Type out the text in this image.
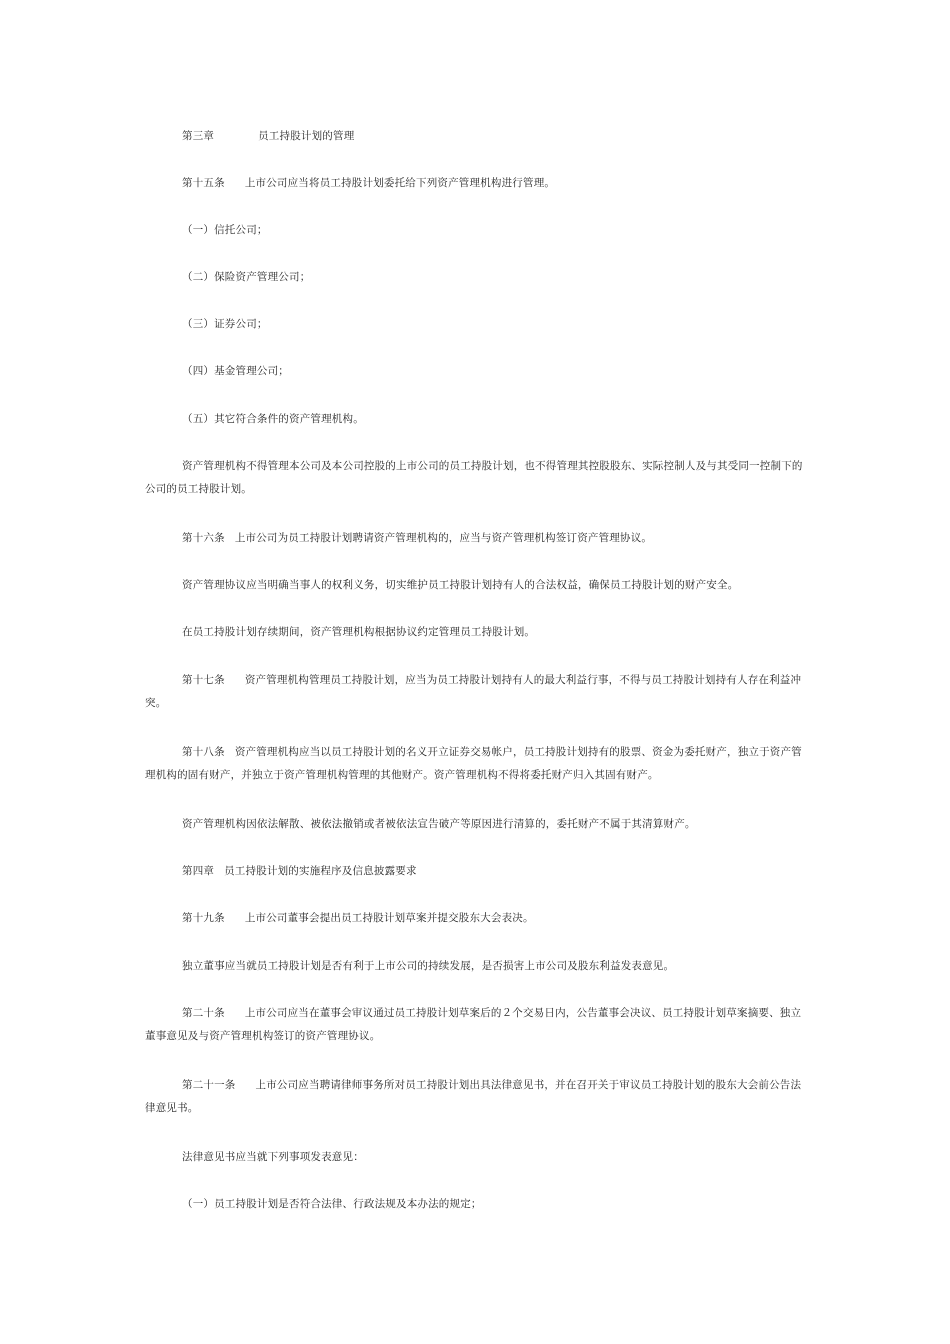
第三章	员工持股计划的管理

第十五条 上市公司应当将员工持股计划委托给下列资产管理机构进行管理。

（一）信托公司；

（二）保险资产管理公司；

（三）证券公司；

（四）基金管理公司；

（五）其它符合条件的资产管理机构。

资产管理机构不得管理本公司及本公司控股的上市公司的员工持股计划，也不得管理其控股股东、实际控制人及与其受同一控制下的公司的员工持股计划。

第十六条 上市公司为员工持股计划聘请资产管理机构的，应当与资产管理机构签订资产管理协议。

资产管理协议应当明确当事人的权利义务，切实维护员工持股计划持有人的合法权益，确保员工持股计划的财产安全。

在员工持股计划存续期间，资产管理机构根据协议约定管理员工持股计划。

第十七条 资产管理机构管理员工持股计划，应当为员工持股计划持有人的最大利益行事，不得与员工持股计划持有人存在利益冲突。

第十八条 资产管理机构应当以员工持股计划的名义开立证券交易帐户，员工持股计划持有的股票、资金为委托财产，独立于资产管理机构的固有财产，并独立于资产管理机构管理的其他财产。资产管理机构不得将委托财产归入其固有财产。

资产管理机构因依法解散、被依法撤销或者被依法宣告破产等原因进行清算的，委托财产不属于其清算财产。

第四章 员工持股计划的实施程序及信息披露要求

第十九条 上市公司董事会提出员工持股计划草案并提交股东大会表决。

独立董事应当就员工持股计划是否有利于上市公司的持续发展，是否损害上市公司及股东利益发表意见。

第二十条 上市公司应当在董事会审议通过员工持股计划草案后的２个交易日内，公告董事会决议、员工持股计划草案摘要、独立董事意见及与资产管理机构签订的资产管理协议。

第二十一条 上市公司应当聘请律师事务所对员工持股计划出具法律意见书，并在召开关于审议员工持股计划的股东大会前公告法律意见书。

法律意见书应当就下列事项发表意见：

（一）员工持股计划是否符合法律、行政法规及本办法的规定；
